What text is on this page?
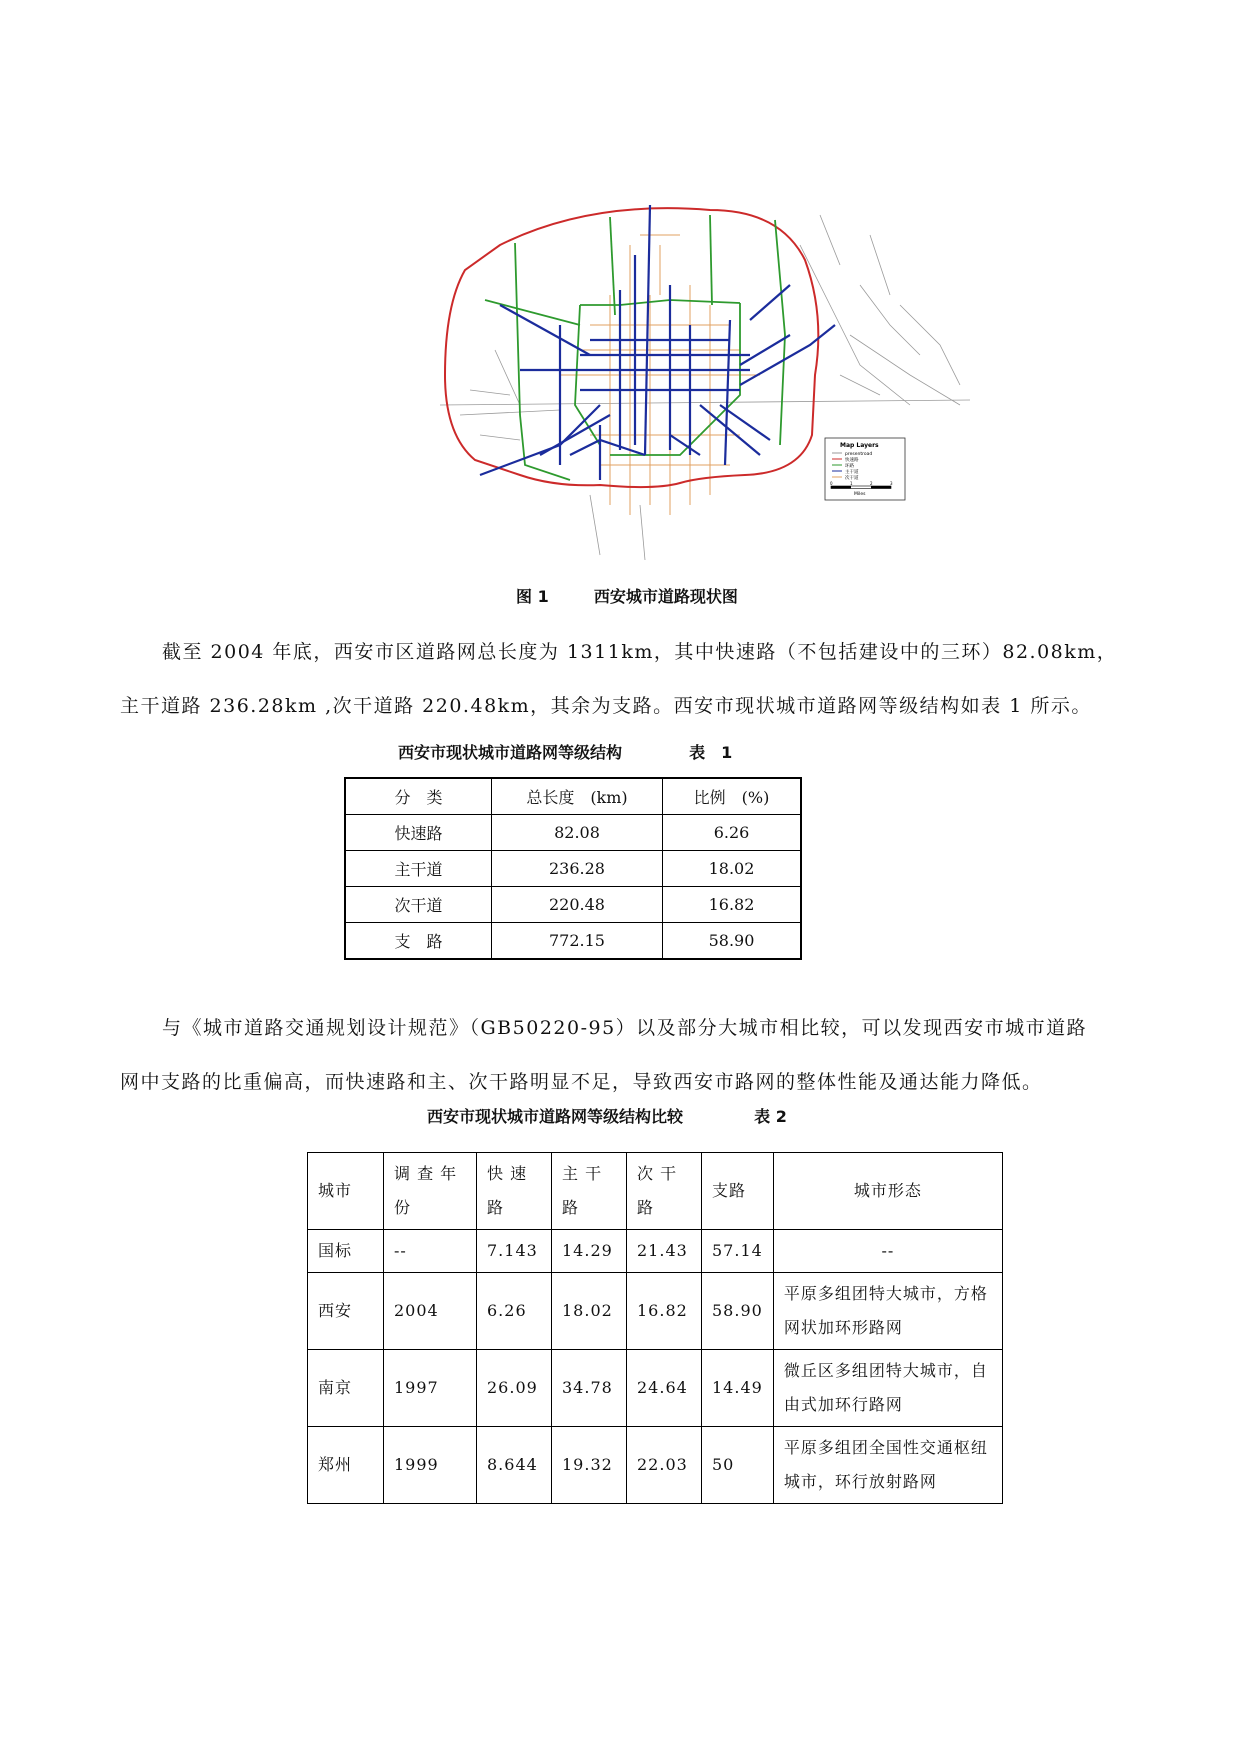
Map Layers
presentroad
快速路
环路
主干道
次干道
0	1	2	3
Miles
图 1	西安城市道路现状图
截至 2004 年底，西安市区道路网总长度为 1311km，其中快速路（不包括建设中的三环）82.08km，
主干道路 236.28km ,次干道路 220.48km，其余为支路。西安市现状城市道路网等级结构如表 1 所示。
西安市现状城市道路网等级结构	表　1
分　类	总长度　(km)	比例　(%)
快速路	82.08	6.26
主干道	236.28	18.02
次干道	220.48	16.82
支　路	772.15	58.90
与《城市道路交通规划设计规范》（GB50220-95）以及部分大城市相比较，可以发现西安市城市道路
网中支路的比重偏高，而快速路和主、次干路明显不足，导致西安市路网的整体性能及通达能力降低。
西安市现状城市道路网等级结构比较	表 2
城市	调 查 年 份	快 速 路	主 干 路	次 干 路	支路	城市形态
国标	--	7.143	14.29	21.43	57.14	--
西安	2004	6.26	18.02	16.82	58.90	平原多组团特大城市，方格网状加环形路网
南京	1997	26.09	34.78	24.64	14.49	微丘区多组团特大城市，自由式加环行路网
郑州	1999	8.644	19.32	22.03	50	平原多组团全国性交通枢纽城市，环行放射路网
